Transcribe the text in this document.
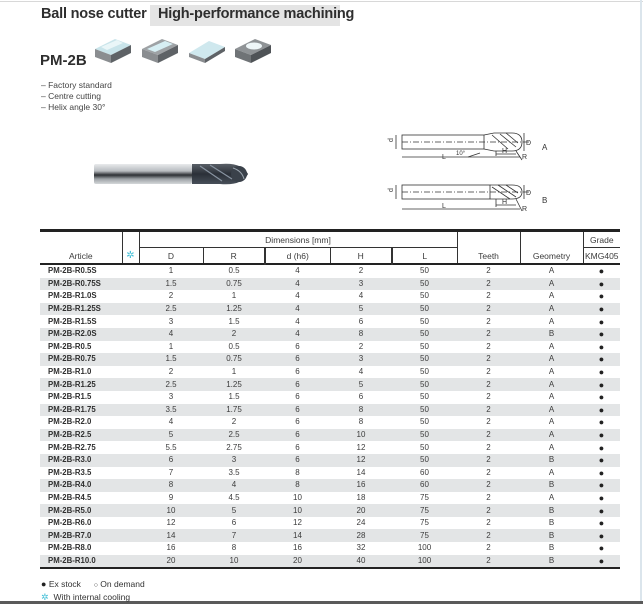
Ball nose cutter High-performance machining
PM-2B
– Factory standard
– Centre cutting
– Helix angle 30°
d
L 10°	H
D
R
A
d
L
H
D
R
B
Article	✲	Dimensions [mm]					Teeth	Geometry	Grade
		D	R	d (h6)	H	L			KMG405
PM-2B-R0.5S		1	0.5	4	2	50	2	A	●
PM-2B-R0.75S		1.5	0.75	4	3	50	2	A	●
PM-2B-R1.0S		2	1	4	4	50	2	A	●
PM-2B-R1.25S		2.5	1.25	4	5	50	2	A	●
PM-2B-R1.5S		3	1.5	4	6	50	2	A	●
PM-2B-R2.0S		4	2	4	8	50	2	B	●
PM-2B-R0.5		1	0.5	6	2	50	2	A	●
PM-2B-R0.75		1.5	0.75	6	3	50	2	A	●
PM-2B-R1.0		2	1	6	4	50	2	A	●
PM-2B-R1.25		2.5	1.25	6	5	50	2	A	●
PM-2B-R1.5		3	1.5	6	6	50	2	A	●
PM-2B-R1.75		3.5	1.75	6	8	50	2	A	●
PM-2B-R2.0		4	2	6	8	50	2	A	●
PM-2B-R2.5		5	2.5	6	10	50	2	A	●
PM-2B-R2.75		5.5	2.75	6	12	50	2	A	●
PM-2B-R3.0		6	3	6	12	50	2	B	●
PM-2B-R3.5		7	3.5	8	14	60	2	A	●
PM-2B-R4.0		8	4	8	16	60	2	B	●
PM-2B-R4.5		9	4.5	10	18	75	2	A	●
PM-2B-R5.0		10	5	10	20	75	2	B	●
PM-2B-R6.0		12	6	12	24	75	2	B	●
PM-2B-R7.0		14	7	14	28	75	2	B	●
PM-2B-R8.0		16	8	16	32	100	2	B	●
PM-2B-R10.0		20	10	20	40	100	2	B	●
● Ex stock ○ On demand
✲ With internal cooling
